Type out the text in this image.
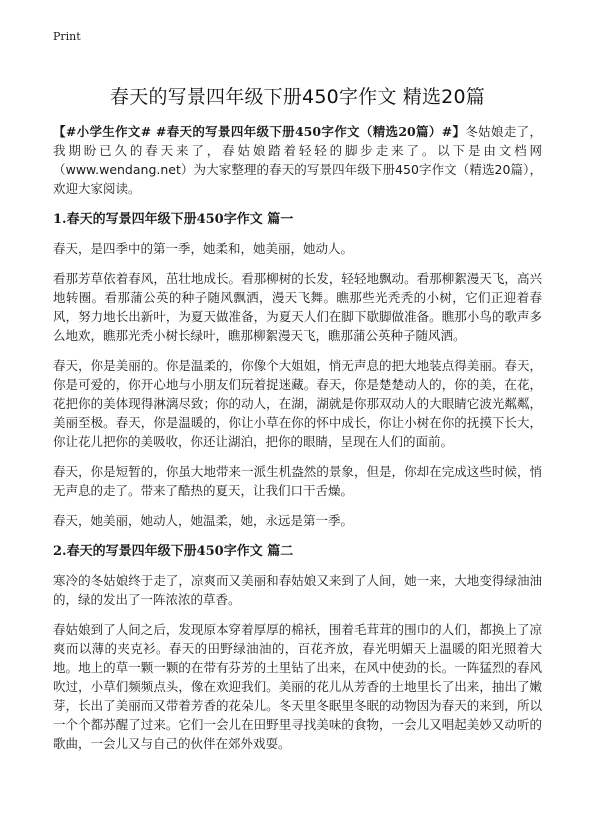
Print
春天的写景四年级下册450字作文 精选20篇

【#小学生作文# #春天的写景四年级下册450字作文（精选20篇）#】冬姑娘走了，我期盼已久的春天来了，春姑娘踏着轻轻的脚步走来了。以下是由文档网（www.wendang.net）为大家整理的春天的写景四年级下册450字作文（精选20篇），欢迎大家阅读。

1.春天的写景四年级下册450字作文 篇一

春天，是四季中的第一季，她柔和，她美丽，她动人。

看那芳草依着春风，茁壮地成长。看那柳树的长发，轻轻地飘动。看那柳絮漫天飞，高兴地转圈。看那蒲公英的种子随风飘洒，漫天飞舞。瞧那些光秃秃的小树，它们正迎着春风，努力地长出新叶，为夏天做准备，为夏天人们在脚下歇脚做准备。瞧那小鸟的歌声多么地欢，瞧那光秃小树长绿叶，瞧那柳絮漫天飞，瞧那蒲公英种子随风洒。

春天，你是美丽的。你是温柔的，你像个大姐姐，悄无声息的把大地装点得美丽。春天，你是可爱的，你开心地与小朋友们玩着捉迷藏。春天，你是楚楚动人的，你的美，在花，花把你的美体现得淋漓尽致；你的动人，在湖，湖就是你那双动人的大眼睛它波光粼粼，美丽至极。春天，你是温暖的，你让小草在你的怀中成长，你让小树在你的抚摸下长大，你让花儿把你的美吸收，你还让湖泊，把你的眼睛，呈现在人们的面前。

春天，你是短暂的，你虽大地带来一派生机盎然的景象，但是，你却在完成这些时候，悄无声息的走了。带来了酷热的夏天，让我们口干舌燥。

春天，她美丽，她动人，她温柔，她，永远是第一季。

2.春天的写景四年级下册450字作文 篇二

寒冷的冬姑娘终于走了，凉爽而又美丽和春姑娘又来到了人间，她一来，大地变得绿油油的，绿的发出了一阵浓浓的草香。

春姑娘到了人间之后，发现原本穿着厚厚的棉袄，围着毛茸茸的围巾的人们，都换上了凉爽而以薄的夹克衫。春天的田野绿油油的，百花齐放，春光明媚天上温暖的阳光照着大地。地上的草一颗一颗的在带有芬芳的土里钻了出来，在风中使劲的长。一阵猛烈的春风吹过，小草们频频点头，像在欢迎我们。美丽的花儿从芳香的土地里长了出来，抽出了嫩芽，长出了美丽而又带着芳香的花朵儿。冬天里冬眠里冬眠的动物因为春天的来到，所以一个个都苏醒了过来。它们一会儿在田野里寻找美味的食物，一会儿又唱起美妙又动听的歌曲，一会儿又与自己的伙伴在郊外戏耍。
